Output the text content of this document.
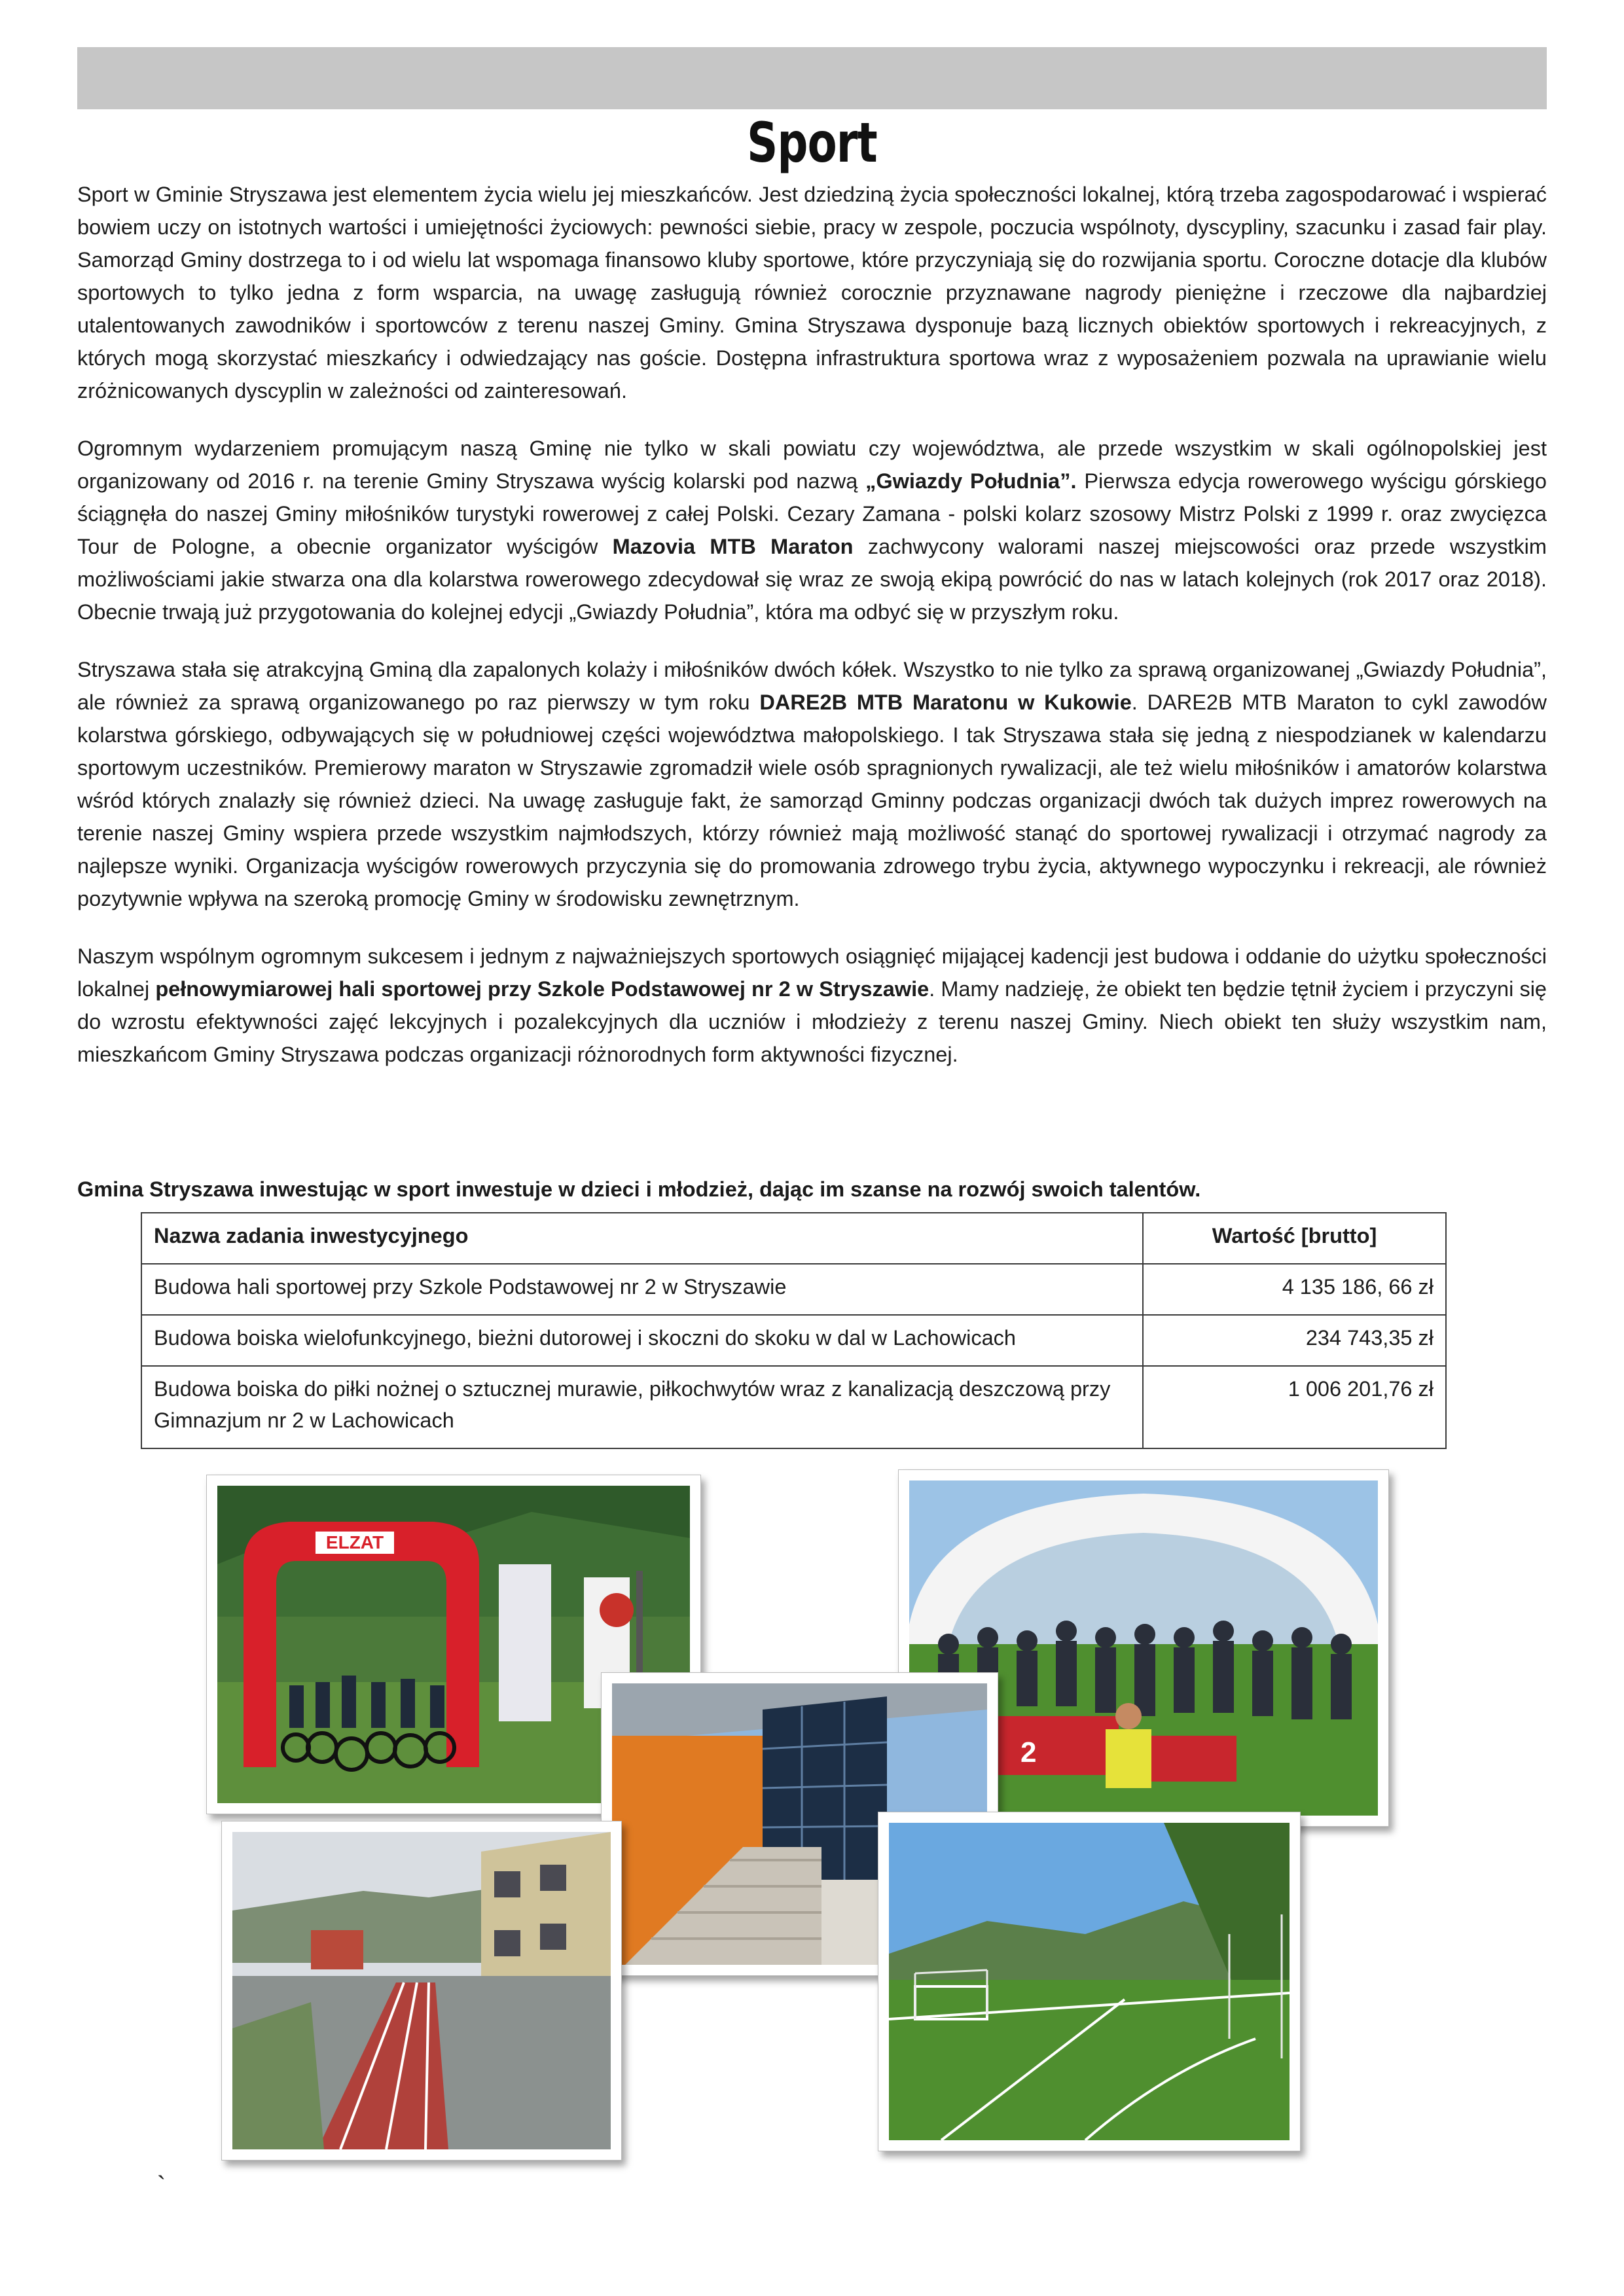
Sport

Sport w Gminie Stryszawa jest elementem życia wielu jej mieszkańców. Jest dziedziną życia społeczności lokalnej, którą trzeba zagospodarować i wspierać bowiem uczy on istotnych wartości i umiejętności życiowych: pewności siebie, pracy w zespole, poczucia wspólnoty, dyscypliny, szacunku i zasad fair play. Samorząd Gminy dostrzega to i od wielu lat wspomaga finansowo kluby sportowe, które przyczyniają się do rozwijania sportu. Coroczne dotacje dla klubów sportowych to tylko jedna z form wsparcia, na uwagę zasługują również corocznie przyznawane nagrody pieniężne i rzeczowe dla najbardziej utalentowanych zawodników i sportowców z terenu naszej Gminy. Gmina Stryszawa dysponuje bazą licznych obiektów sportowych i rekreacyjnych, z których mogą skorzystać mieszkańcy i odwiedzający nas goście. Dostępna infrastruktura sportowa wraz z wyposażeniem pozwala na uprawianie wielu zróżnicowanych dyscyplin w zależności od zainteresowań.

Ogromnym wydarzeniem promującym naszą Gminę nie tylko w skali powiatu czy województwa, ale przede wszystkim w skali ogólnopolskiej jest organizowany od 2016 r. na terenie Gminy Stryszawa wyścig kolarski pod nazwą „Gwiazdy Południa”. Pierwsza edycja rowerowego wyścigu górskiego ściągnęła do naszej Gminy miłośników turystyki rowerowej z całej Polski. Cezary Zamana - polski kolarz szosowy Mistrz Polski z 1999 r. oraz zwycięzca Tour de Pologne, a obecnie organizator wyścigów Mazovia MTB Maraton zachwycony walorami naszej miejscowości oraz przede wszystkim możliwościami jakie stwarza ona dla kolarstwa rowerowego zdecydował się wraz ze swoją ekipą powrócić do nas w latach kolejnych (rok 2017 oraz 2018). Obecnie trwają już przygotowania do kolejnej edycji „Gwiazdy Południa”, która ma odbyć się w przyszłym roku.

Stryszawa stała się atrakcyjną Gminą dla zapalonych kolaży i miłośników dwóch kółek. Wszystko to nie tylko za sprawą organizowanej „Gwiazdy Południa”, ale również za sprawą organizowanego po raz pierwszy w tym roku DARE2B MTB Maratonu w Kukowie. DARE2B MTB Maraton to cykl zawodów kolarstwa górskiego, odbywających się w południowej części województwa małopolskiego. I tak Stryszawa stała się jedną z niespodzianek w kalendarzu sportowym uczestników. Premierowy maraton w Stryszawie zgromadził wiele osób spragnionych rywalizacji, ale też wielu miłośników i amatorów kolarstwa wśród których znalazły się również dzieci. Na uwagę zasługuje fakt, że samorząd Gminny podczas organizacji dwóch tak dużych imprez rowerowych na terenie naszej Gminy wspiera przede wszystkim najmłodszych, którzy również mają możliwość stanąć do sportowej rywalizacji i otrzymać nagrody za najlepsze wyniki. Organizacja wyścigów rowerowych przyczynia się do promowania zdrowego trybu życia, aktywnego wypoczynku i rekreacji, ale również pozytywnie wpływa na szeroką promocję Gminy w środowisku zewnętrznym.

Naszym wspólnym ogromnym sukcesem i jednym z najważniejszych sportowych osiągnięć mijającej kadencji jest budowa i oddanie do użytku społeczności lokalnej pełnowymiarowej hali sportowej przy Szkole Podstawowej nr 2 w Stryszawie. Mamy nadzieję, że obiekt ten będzie tętnił życiem i przyczyni się do wzrostu efektywności zajęć lekcyjnych i pozalekcyjnych dla uczniów i młodzieży z terenu naszej Gminy. Niech obiekt ten służy wszystkim nam, mieszkańcom Gminy Stryszawa podczas organizacji różnorodnych form aktywności fizycznej.

Gmina Stryszawa inwestując w sport inwestuje w dzieci i młodzież, dając im szanse na rozwój swoich talentów.

Nazwa zadania inwestycyjnego	Wartość [brutto]
Budowa hali sportowej przy Szkole Podstawowej nr 2 w Stryszawie	4 135 186, 66 zł
Budowa boiska wielofunkcyjnego, bieżni dutorowej i skoczni do skoku w dal w Lachowicach	234 743,35 zł
Budowa boiska do piłki nożnej o sztucznej murawie, piłkochwytów wraz z kanalizacją deszczową przy Gimnazjum nr 2 w Lachowicach	1 006 201,76 zł
ELZAT
2
`
